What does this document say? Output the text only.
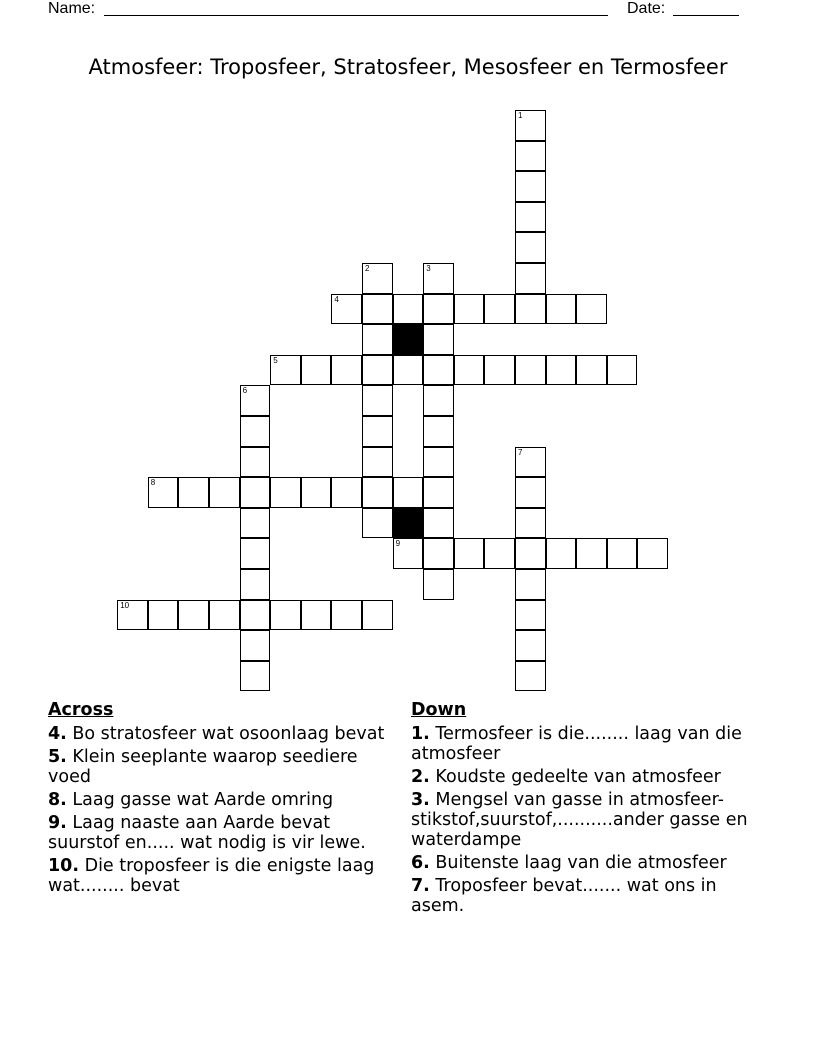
Name:	Date:
Atmosfeer: Troposfeer, Stratosfeer, Mesosfeer en Termosfeer
1
2	3
4
5
6
7
8
9
10
Across
4. Bo stratosfeer wat osoonlaag bevat
5. Klein seeplante waarop seediere voed
8. Laag gasse wat Aarde omring
9. Laag naaste aan Aarde bevat suurstof en..... wat nodig is vir lewe.
10. Die troposfeer is die enigste laag wat........ bevat
Down
1. Termosfeer is die........ laag van die atmosfeer
2. Koudste gedeelte van atmosfeer
3. Mengsel van gasse in atmosfeer-stikstof,suurstof,..........ander gasse en waterdampe
6. Buitenste laag van die atmosfeer
7. Troposfeer bevat....... wat ons in asem.
